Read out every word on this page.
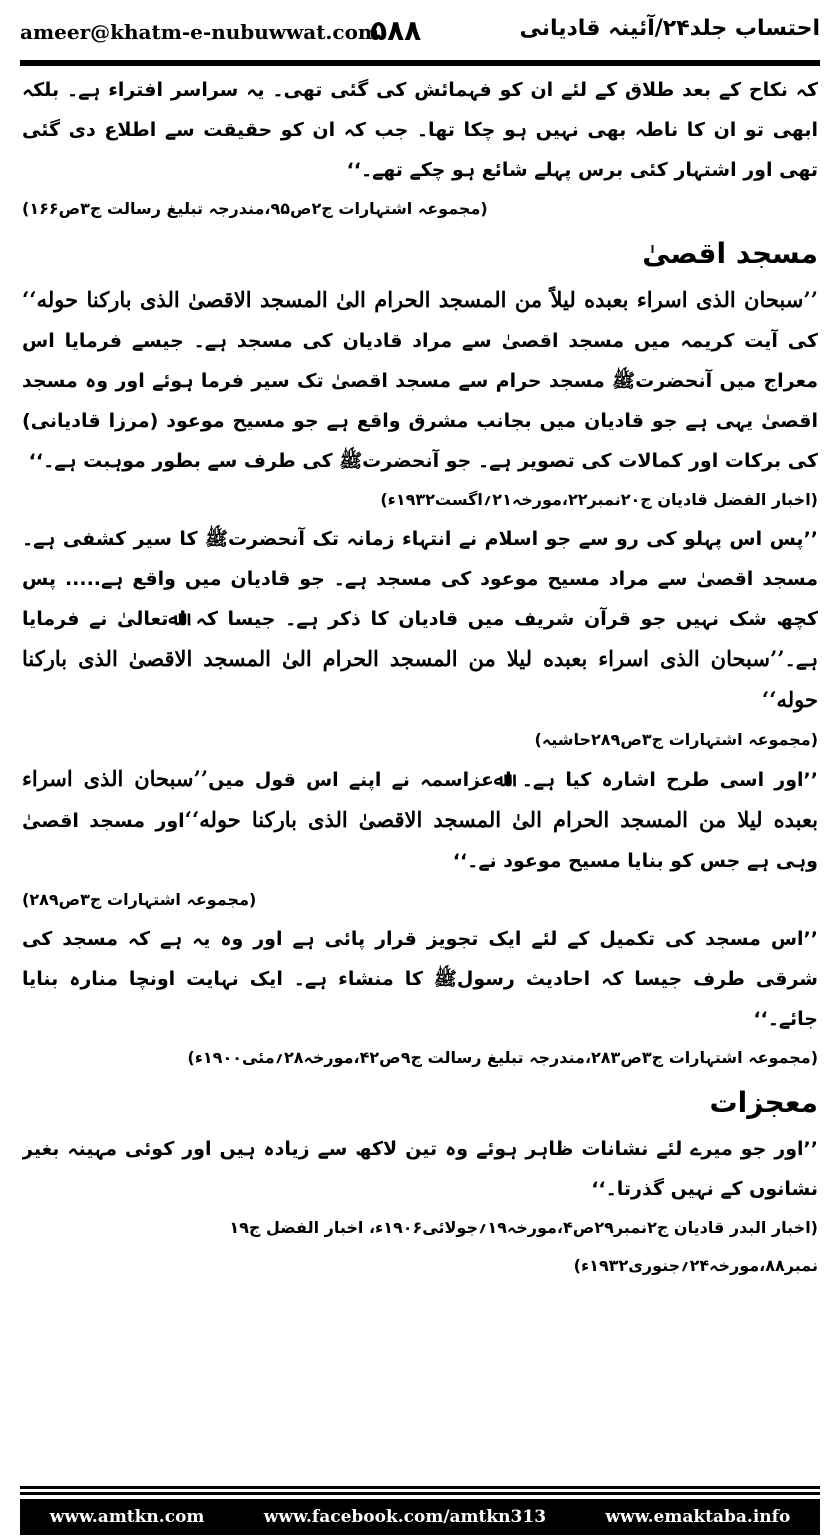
ameer@khatm-e-nubuwwat.com
۵۸۸	احتساب جلد۲۴/آئینہ قادیانی

کہ نکاح کے بعد طلاق کے لئے ان کو فہمائش کی گئی تھی۔ یہ سراسر افتراء ہے۔ بلکہ ابھی تو ان کا ناطہ بھی نہیں ہو چکا تھا۔ جب کہ ان کو حقیقت سے اطلاع دی گئی تھی اور اشتہار کئی برس پہلے شائع ہو چکے تھے۔‘‘

(مجموعہ اشتہارات ج۲ص۹۵،مندرجہ تبلیغ رسالت ج۳ص۱۶۶)

مسجد اقصیٰ

’’سبحان الذی اسراء بعبده لیلاً من المسجد الحرام الیٰ المسجد الاقصیٰ الذی بارکنا حوله‘‘ کی آیت کریمہ میں مسجد اقصیٰ سے مراد قادیان کی مسجد ہے۔ جیسے فرمایا اس معراج میں آنحضرتﷺ مسجد حرام سے مسجد اقصیٰ تک سیر فرما ہوئے اور وہ مسجد اقصیٰ یہی ہے جو قادیان میں بجانب مشرق واقع ہے جو مسیح موعود (مرزا قادیانی) کی برکات اور کمالات کی تصویر ہے۔ جو آنحضرتﷺ کی طرف سے بطور موہبت ہے۔‘‘

(اخبار الفضل قادیان ج۲۰نمبر۲۲،مورخہ۲۱؍اگست۱۹۳۲ء)

’’پس اس پہلو کی رو سے جو اسلام نے انتہاء زمانہ تک آنحضرتﷺ کا سیر کشفی ہے۔ مسجد اقصیٰ سے مراد مسیح موعود کی مسجد ہے۔ جو قادیان میں واقع ہے..... پس کچھ شک نہیں جو قرآن شریف میں قادیان کا ذکر ہے۔ جیسا کہ اﷲتعالیٰ نے فرمایا ہے۔’’سبحان الذی اسراء بعبده لیلا من المسجد الحرام الیٰ المسجد الاقصیٰ الذی بارکنا حوله‘‘

(مجموعہ اشتہارات ج۳ص۲۸۹حاشیہ)

’’اور اسی طرح اشارہ کیا ہے۔ اﷲعزاسمہ نے اپنے اس قول میں’’سبحان الذی اسراء بعبده لیلا من المسجد الحرام الیٰ المسجد الاقصیٰ الذی بارکنا حوله‘‘اور مسجد اقصیٰ وہی ہے جس کو بنایا مسیح موعود نے۔‘‘

(مجموعہ اشتہارات ج۳ص۲۸۹)

’’اس مسجد کی تکمیل کے لئے ایک تجویز قرار پائی ہے اور وہ یہ ہے کہ مسجد کی شرقی طرف جیسا کہ احادیث رسولﷺ کا منشاء ہے۔ ایک نہایت اونچا منارہ بنایا جائے۔‘‘

(مجموعہ اشتہارات ج۳ص۲۸۳،مندرجہ تبلیغ رسالت ج۹ص۴۲،مورخہ۲۸؍مئی۱۹۰۰ء)

معجزات

’’اور جو میرے لئے نشانات ظاہر ہوئے وہ تین لاکھ سے زیادہ ہیں اور کوئی مہینہ بغیر نشانوں کے نہیں گذرتا۔‘‘

(اخبار البدر قادیان ج۲نمبر۲۹ص۴،مورخہ۱۹؍جولائی۱۹۰۶ء، اخبار الفضل ج۱۹ نمبر۸۸،مورخہ۲۴؍جنوری۱۹۳۲ء)

www.amtkn.com	www.facebook.com/amtkn313	www.emaktaba.info
